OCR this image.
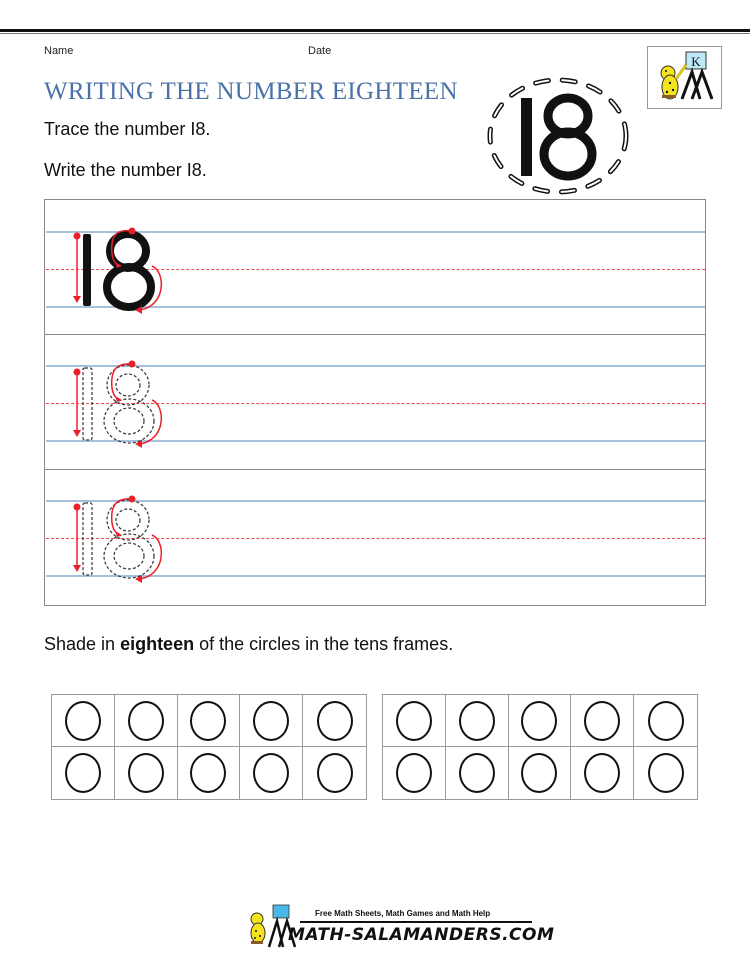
Name	Date
WRITING THE NUMBER EIGHTEEN
Trace the number I8.
Write the number I8.
K
Shade in eighteen of the circles in the tens frames.
Free Math Sheets, Math Games and Math Help
MATH-SALAMANDERS.COM
